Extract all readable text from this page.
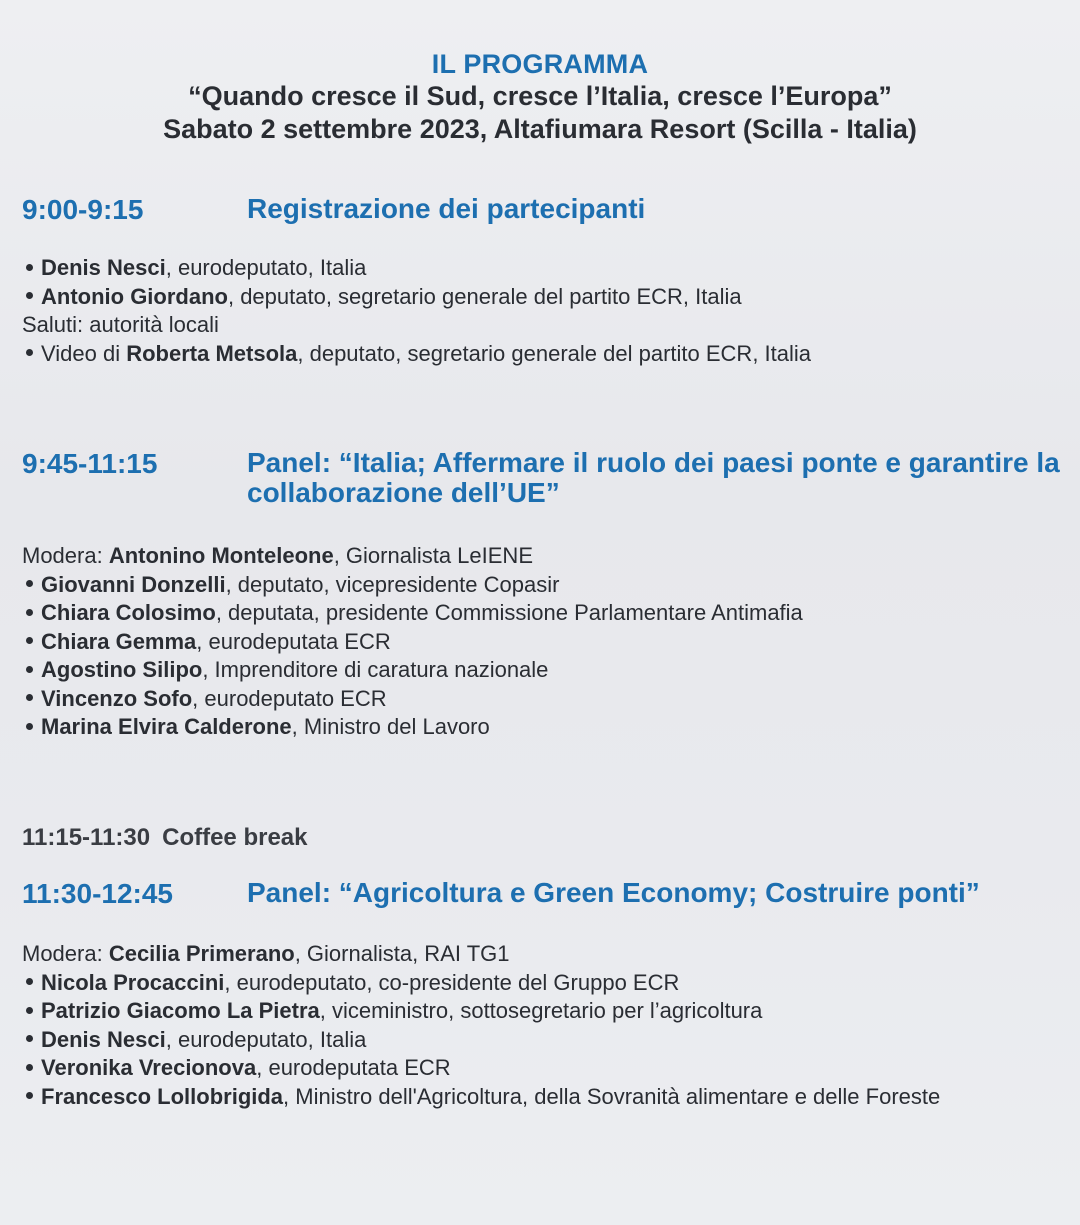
IL PROGRAMMA
“Quando cresce il Sud, cresce l’Italia, cresce l’Europa”
Sabato 2 settembre 2023, Altafiumara Resort (Scilla - Italia)
9:00-9:15	Registrazione dei partecipanti
Denis Nesci, eurodeputato, Italia
Antonio Giordano, deputato, segretario generale del partito ECR, Italia
Saluti: autorità locali
Video di Roberta Metsola, deputato, segretario generale del partito ECR, Italia
9:45-11:15	Panel: “Italia; Affermare il ruolo dei paesi ponte e garantire la collaborazione dell’UE”
Modera: Antonino Monteleone, Giornalista LeIENE
Giovanni Donzelli, deputato, vicepresidente Copasir
Chiara Colosimo, deputata, presidente Commissione Parlamentare Antimafia
Chiara Gemma, eurodeputata ECR
Agostino Silipo, Imprenditore di caratura nazionale
Vincenzo Sofo, eurodeputato ECR
Marina Elvira Calderone, Ministro del Lavoro
11:15-11:30 Coffee break
11:30-12:45	Panel: “Agricoltura e Green Economy; Costruire ponti”
Modera: Cecilia Primerano, Giornalista, RAI TG1
Nicola Procaccini, eurodeputato, co-presidente del Gruppo ECR
Patrizio Giacomo La Pietra, viceministro, sottosegretario per l’agricoltura
Denis Nesci, eurodeputato, Italia
Veronika Vrecionova, eurodeputata ECR
Francesco Lollobrigida, Ministro dell'Agricoltura, della Sovranità alimentare e delle Foreste
